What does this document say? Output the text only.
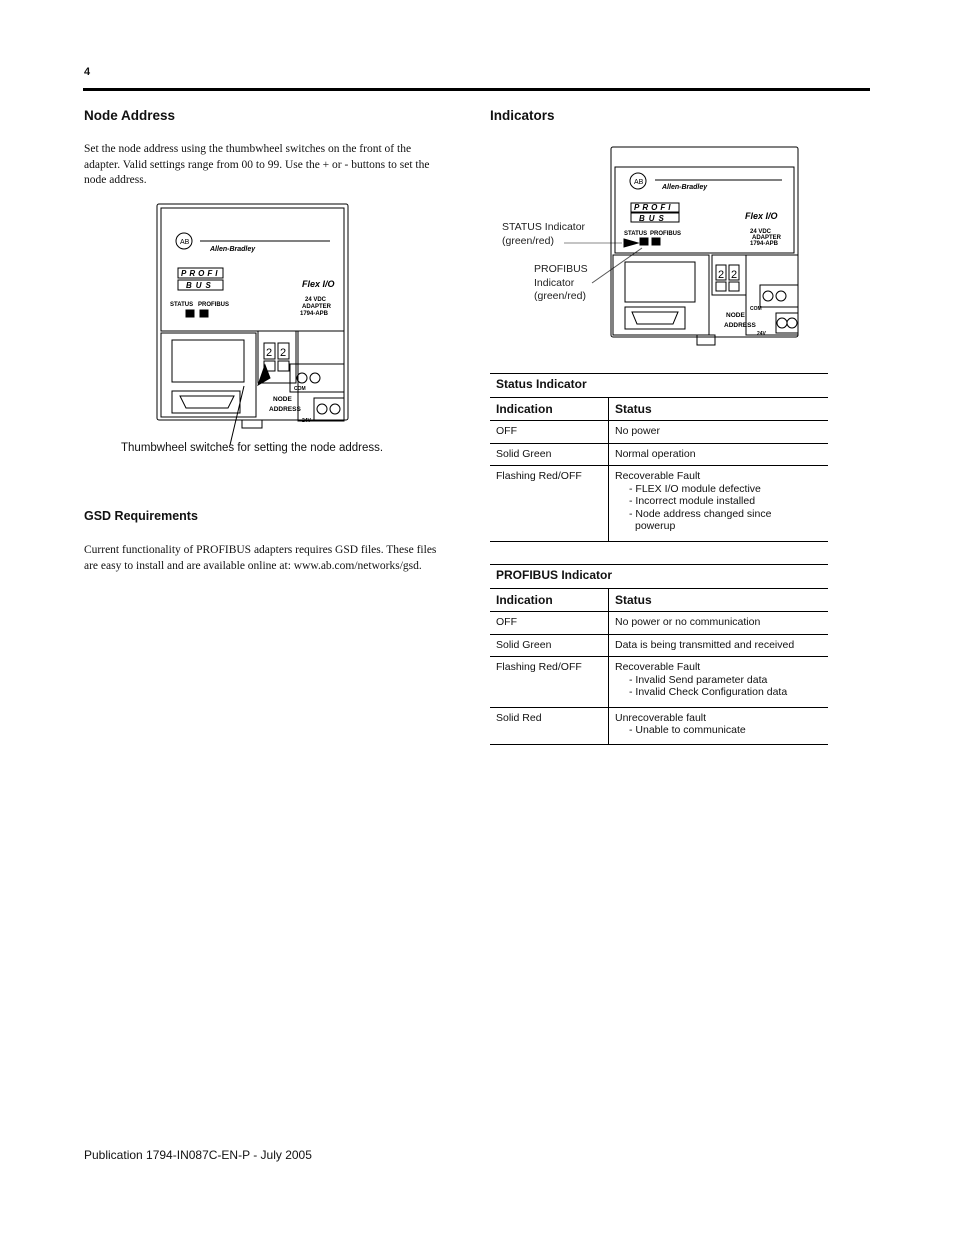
4
Node Address
Set the node address using the thumbwheel switches on the front of the
adapter. Valid settings range from 00 to 99. Use the + or - buttons to set the
node address.
AB
Allen-Bradley
PROFI
BUS
STATUS PROFIBUS
Flex I/O
24 VDC
ADAPTER
1794-APB
2 2
NODE
ADDRESS
COM
24V
Thumbwheel switches for setting the node address.
GSD Requirements
Current functionality of PROFIBUS adapters requires GSD files. These files
are easy to install and are available online at: www.ab.com/networks/gsd.
Indicators
STATUS Indicator
(green/red)
PROFIBUS
Indicator
(green/red)
AB
Allen-Bradley
PROFI
BUS
STATUS PROFIBUS
Flex I/O
24 VDC
ADAPTER
1794-APB
2 2
NODE
ADDRESS
COM
24V
Status Indicator	
Indication	Status
OFF	No power
Solid Green	Normal operation
Flashing Red/OFF	Recoverable Fault
- FLEX I/O module defective
- Incorrect module installed
- Node address changed since
powerup
PROFIBUS Indicator	
Indication	Status
OFF	No power or no communication
Solid Green	Data is being transmitted and received
Flashing Red/OFF	Recoverable Fault
- Invalid Send parameter data
- Invalid Check Configuration data

Solid Red	Unrecoverable fault
- Unable to communicate
Publication 1794-IN087C-EN-P - July 2005
